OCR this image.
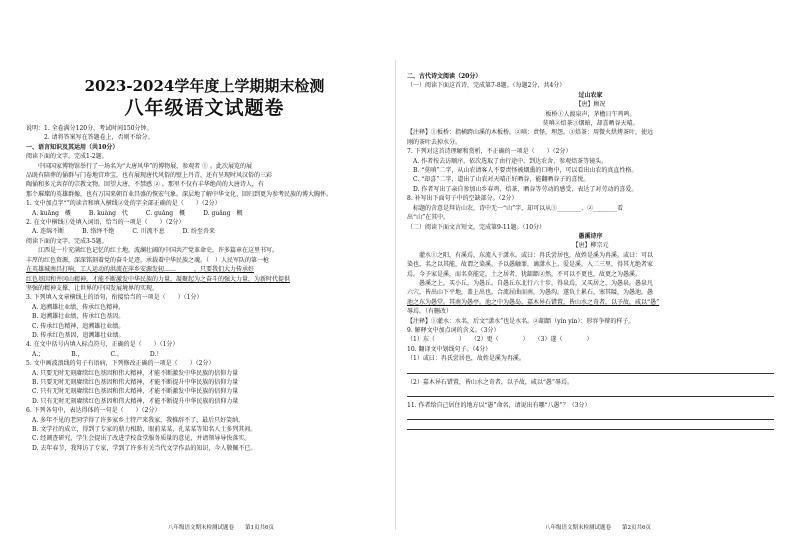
2023-2024学年度上学期期末检测
八年级语文试题卷
说明：1. 全卷满分120分，考试时间150分钟。
　　　2. 请将答案写在答题卷上，否则不给分。
一、语言知识及其运用（共10分）
阅读下面的文字，完成1-2题。
中国国家博物馆举行了一场名为“大唐风华”的博物展，参观者 ① 。此次展览的展
品既有陪葬的俑群与门卷地宫珍宝，也有展现唐代风俗的壁上丹青，还有呈现时风汉俗的三彩
陶俑和多元共存的宗教文物。回望大唐，不禁感 ② 。那里不仅有丰华绝尚的大唐诗人，有
那个璀璨的英雄群像，也有万国来朝百业昌盛的恢宏气象。深层地了解中华文化、回归到更为参考民族的博大胸怀。
1. 文中加点字“”的读音和填入横线②处的字全部正确的是（　　）（2分）
　A. kuǎng　概　　　B. kuàng　代　　　C. guǎng　概　　　D. guǎng　概
2. 在文中横线①处填入词语，恰当的一项是（　　）（2分）
　A. 连绵不断　　　B. 络绎不绝　　　C. 川流不息　　　D. 纷至沓来
阅读下面的文字，完成3-5题。
江西是一片充满红色记忆的红土地，波澜壮阔的中国共产党革命史，许多篇章在这里书写。
丰厚的红色资源，深深铭刻着党的奋斗足迹，承载着中华民族之魂。（　）人民军队的第一枪
在英雄城南昌打响，工人运动的洪流在萍乡安源发轫……______，只要我们大力传承好
红色基因和井冈山精神，才能不断激发中华民族的力量，凝聚起为之奋斗的强大力量，为新时代提供
坚强的精神支撑，让世界的中国发展境界的实现。
3. 下列填入文章横线上的语句，衔接恰当的一项是（　　）（1分）
　A. 追溯雄壮业绩，传承红色精神。
　B. 追溯雄壮业绩，传承红色基因。
　C. 传承红色精神，追溯雄壮业绩。
　D. 传承红色基因，追溯雄壮业绩。
4. 在文中括号内填入标点符号，正确的是（　　）（1分）
　A.；　　　　　B.，　　　　　C.。　　　　　D.！
5. 文中画波浪线的句子有语病，下列修改正确的一项是（　　）（2分）
　A. 只要无时无刻赓续红色基因和伟大精神，才能不断激发中华民族的信仰力量
　B. 只要无时无刻赓续红色基因和伟大精神，才能不断提升中华民族的信仰力量
　C. 只有无时无刻赓续红色基因和伟大精神，才能不断激发中华民族的信仰力量
　D. 只有无时无刻赓续红色基因和伟大精神，才能不断提升中华民族的信仰力量
6. 下列各句中，表达得体的一句是（　　）（2分）
　A. 多年不见的老同学得了许多家乡土特产来我家，我推辞不了，最后只好笑纳。
　B. 文学社的成立，得到了专家的鼎力相助，眼前某某，孔某某等知名人士多列其间。
　C. 经调查研究，学生会提出了改进学校食堂服务质量的意见，并请领导导快落实。
　D. 去年春节，我拜访了专家，学到了许多有关当代文学作品的知识，今人敬佩不已。
二、古代诗文阅读（20分）
（一）阅读下面这首诗，完成第7-8题。（每题2分，共4分）
过山农家
【唐】顾况
板桥①人渡泉声，茅檐日午鸡鸣。
莫嗔②焙茶③烟暗，却喜晒谷天晴。
【注释】①板桥：指横跨山溪的木板桥。②嗔：责怪，埋怨。③焙茶：用微火烘烤茶叶，使远
刚的茶叶去掉水分。
7. 下列对这首诗理解和赏析，不正确的一项是（　　）（2分）
　A. 作者按去访顺序，依次选取了由行途中、到达农舍、参观焙茶等镜头。
　B. “莫嗔”二字，从山农请客人不要责怪被烟熏的口吻中，可以看出山农的真直性格。
　C. “却喜”二字，道出了山农对天晴正好晒谷，能翻晒谷子的喜悦。
　D. 作者写出了亲自参加山乡春鸡、焙茶、晒谷等劳动的感受，表达了对劳动的喜爱。
8. 补写出下面句子中的空缺部分。（2分）
　标题的含意是拜访山农，诗中无一“山”字，却可以从①________、②________看
出“山”在其中。
（二）阅读下面文言短文，完成第9-11题。（10分）
愚溪诗序
【唐】柳宗元
灌水①之阳，有溪焉，东流入于潇水。或曰：冉氏尝居也，故姓是溪为冉溪。或曰：可以
染也，名之以其能，故谓之染溪。予以愚触罪，谪潇水上。爱是溪，入二三里，得其尤绝者家
焉。今予家是溪，而名莫能定，土之居者，犹龃龉②然，不可以不更也，故更之为愚溪。
愚溪之上，买小丘，为愚丘。自愚丘东北行六十步，得泉焉，又买居之，为愚泉。愚泉凡
六穴，皆出山下平地，盖上出也。合流屈曲而南，为愚沟。遂负土累石，塞其隘，为愚池。愚
池之东为愚堂。其南为愚亭。池之中为愚岛。嘉木异石错置，皆山水之奇者，以予故，咸以“愚”
辱焉。（有删改）
【注释】①灌水：水名，后文“潇水”也是水名。②龃龉（yín yín）：形容争辩的样子。
9. 解释文中加点词的含义。（3分）
（1）东（　　　　）　　（2）更（　　　　）　　（3）遂（　　　　）
10. 翻译文中划线句子。（4分）
（1）或曰：冉氏尝居也，故姓是溪为冉溪。
（2）嘉木异石错置，皆山水之奇者，以予故，咸以“愚”辱焉。
11. 作者给自己居住的地方以“愚”命名，请说出有哪“八愚”？（3分）
八年级语文期末检测试题卷　　第1页共6页	八年级语文期末检测试题卷　　第2页共6页
